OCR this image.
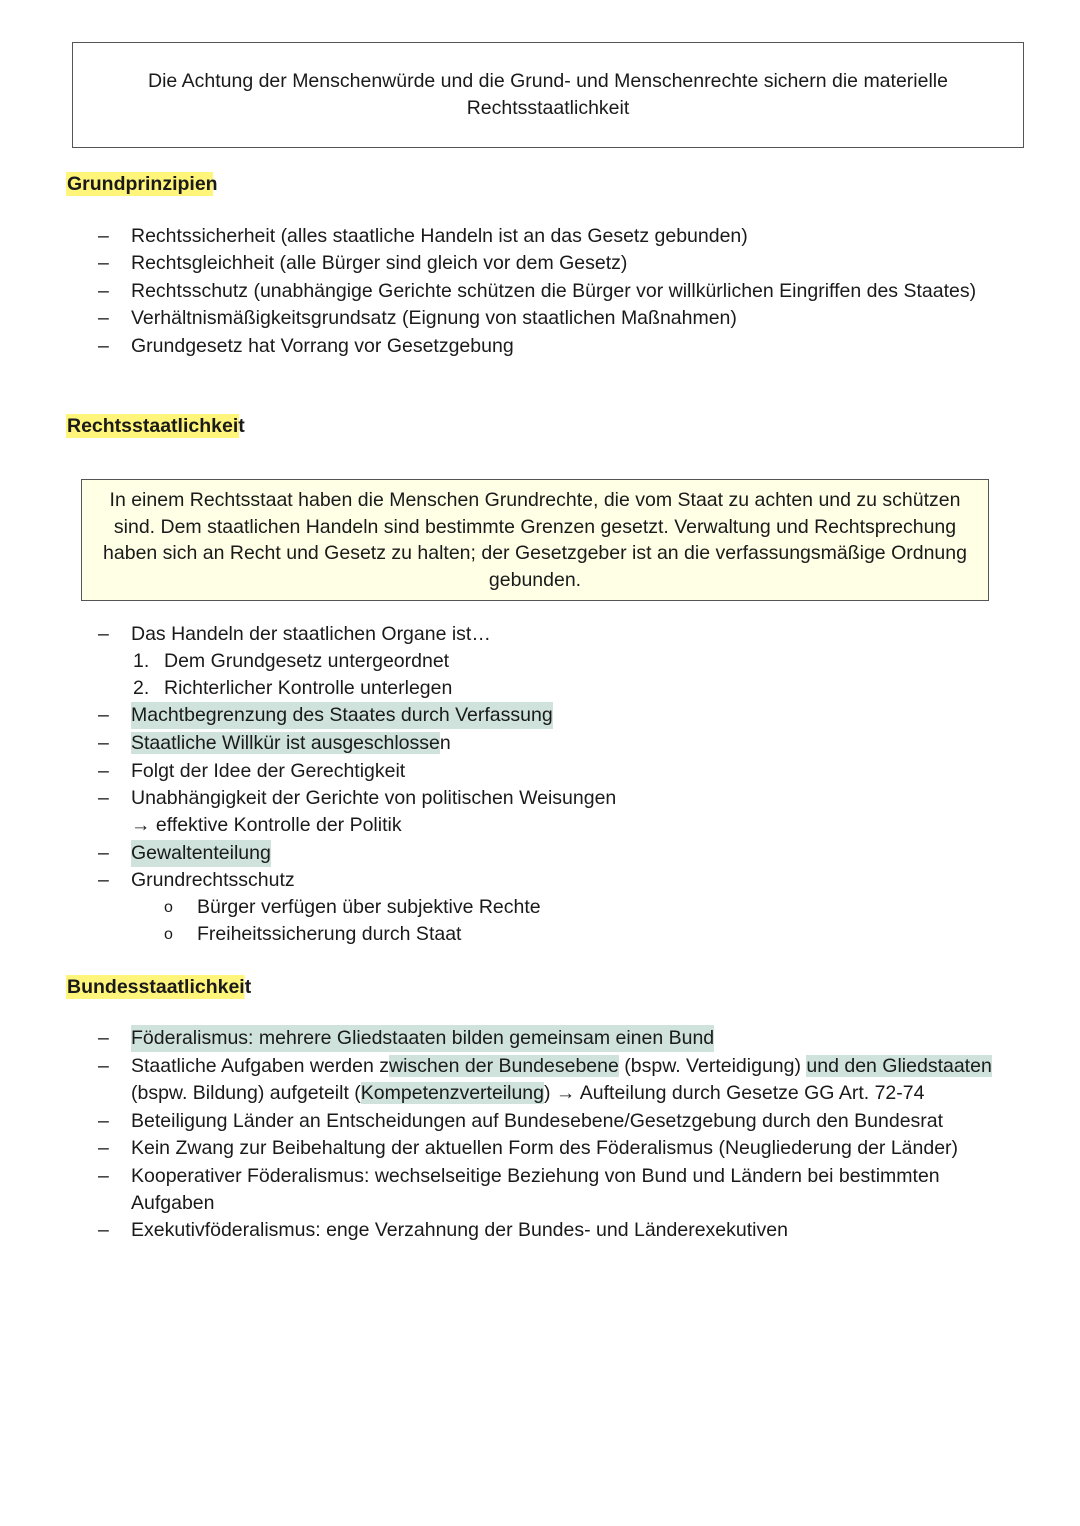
Die Achtung der Menschenwürde und die Grund- und Menschenrechte sichern die materielle
Rechtsstaatlichkeit
Grundprinzipien
– Rechtssicherheit (alles staatliche Handeln ist an das Gesetz gebunden)
– Rechtsgleichheit (alle Bürger sind gleich vor dem Gesetz)
– Rechtsschutz (unabhängige Gerichte schützen die Bürger vor willkürlichen Eingriffen des Staates)
– Verhältnismäßigkeitsgrundsatz (Eignung von staatlichen Maßnahmen)
– Grundgesetz hat Vorrang vor Gesetzgebung
Rechtsstaatlichkeit
In einem Rechtsstaat haben die Menschen Grundrechte, die vom Staat zu achten und zu schützen
sind. Dem staatlichen Handeln sind bestimmte Grenzen gesetzt. Verwaltung und Rechtsprechung
haben sich an Recht und Gesetz zu halten; der Gesetzgeber ist an die verfassungsmäßige Ordnung
gebunden.
– Das Handeln der staatlichen Organe ist…
1. Dem Grundgesetz untergeordnet
2. Richterlicher Kontrolle unterlegen
– Machtbegrenzung des Staates durch Verfassung
– Staatliche Willkür ist ausgeschlossen
– Folgt der Idee der Gerechtigkeit
– Unabhängigkeit der Gerichte von politischen Weisungen
→ effektive Kontrolle der Politik
– Gewaltenteilung
– Grundrechtsschutz
o Bürger verfügen über subjektive Rechte
o Freiheitssicherung durch Staat
Bundesstaatlichkeit
– Föderalismus: mehrere Gliedstaaten bilden gemeinsam einen Bund
– Staatliche Aufgaben werden zwischen der Bundesebene (bspw. Verteidigung) und den Gliedstaaten
(bspw. Bildung) aufgeteilt (Kompetenzverteilung) → Aufteilung durch Gesetze GG Art. 72-74
– Beteiligung Länder an Entscheidungen auf Bundesebene/Gesetzgebung durch den Bundesrat
– Kein Zwang zur Beibehaltung der aktuellen Form des Föderalismus (Neugliederung der Länder)
– Kooperativer Föderalismus: wechselseitige Beziehung von Bund und Ländern bei bestimmten
Aufgaben
– Exekutivföderalismus: enge Verzahnung der Bundes- und Länderexekutiven
